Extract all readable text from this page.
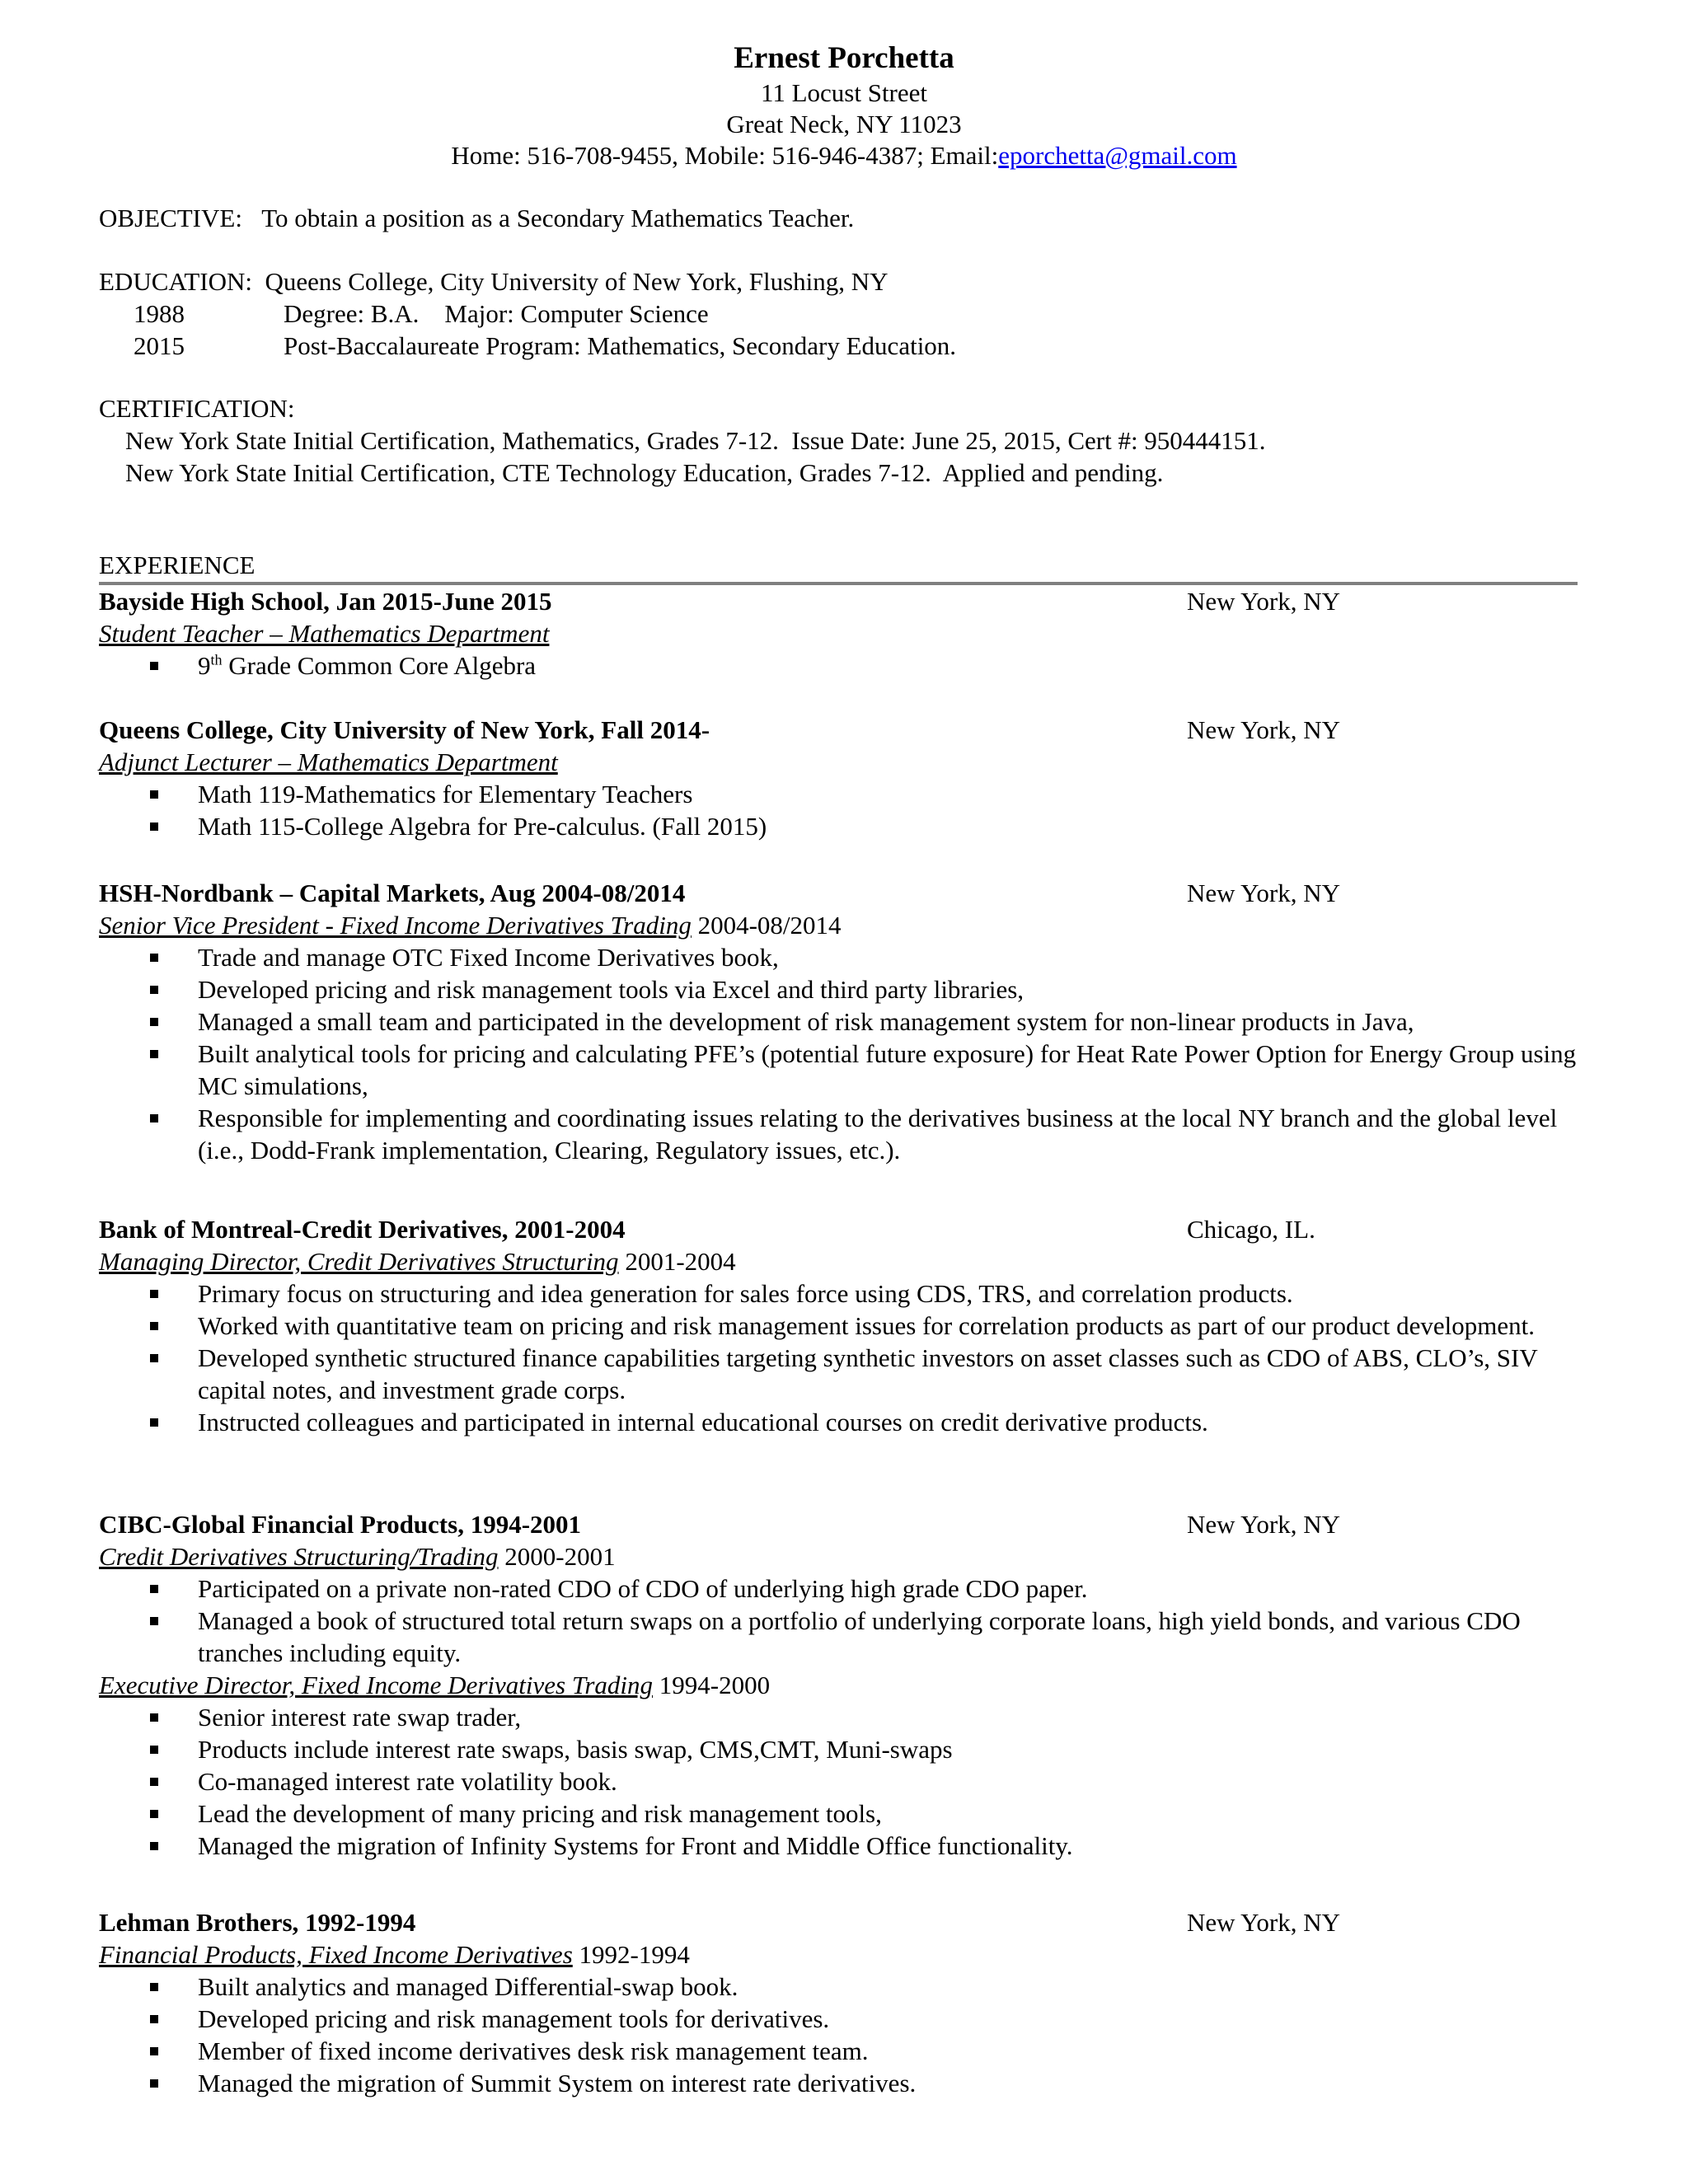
Ernest Porchetta
11 Locust Street
Great Neck, NY 11023
Home: 516-708-9455, Mobile: 516-946-4387; Email:eporchetta@gmail.com
OBJECTIVE: To obtain a position as a Secondary Mathematics Teacher.
EDUCATION: Queens College, City University of New York, Flushing, NY
1988	Degree: B.A.    Major: Computer Science
2015	Post-Baccalaureate Program: Mathematics, Secondary Education.
CERTIFICATION:
New York State Initial Certification, Mathematics, Grades 7-12.  Issue Date: June 25, 2015, Cert #: 950444151.
New York State Initial Certification, CTE Technology Education, Grades 7-12.  Applied and pending.
EXPERIENCE
Bayside High School, Jan 2015-June 2015	New York, NY
Student Teacher – Mathematics Department
9th Grade Common Core Algebra
Queens College, City University of New York, Fall 2014-	New York, NY
Adjunct Lecturer – Mathematics Department
Math 119-Mathematics for Elementary Teachers
Math 115-College Algebra for Pre-calculus. (Fall 2015)
HSH-Nordbank – Capital Markets, Aug 2004-08/2014	New York, NY
Senior Vice President - Fixed Income Derivatives Trading 2004-08/2014
Trade and manage OTC Fixed Income Derivatives book,
Developed pricing and risk management tools via Excel and third party libraries,
Managed a small team and participated in the development of risk management system for non-linear products in Java,
Built analytical tools for pricing and calculating PFE’s (potential future exposure) for Heat Rate Power Option for Energy Group using MC simulations,
Responsible for implementing and coordinating issues relating to the derivatives business at the local NY branch and the global level (i.e., Dodd-Frank implementation, Clearing, Regulatory issues, etc.).
Bank of Montreal-Credit Derivatives, 2001-2004	Chicago, IL.
Managing Director, Credit Derivatives Structuring 2001-2004
Primary focus on structuring and idea generation for sales force using CDS, TRS, and correlation products.
Worked with quantitative team on pricing and risk management issues for correlation products as part of our product development.
Developed synthetic structured finance capabilities targeting synthetic investors on asset classes such as CDO of ABS, CLO’s, SIV capital notes, and investment grade corps.
Instructed colleagues and participated in internal educational courses on credit derivative products.
CIBC-Global Financial Products, 1994-2001	New York, NY
Credit Derivatives Structuring/Trading 2000-2001
Participated on a private non-rated CDO of CDO of underlying high grade CDO paper.
Managed a book of structured total return swaps on a portfolio of underlying corporate loans, high yield bonds, and various CDO tranches including equity.
Executive Director, Fixed Income Derivatives Trading 1994-2000
Senior interest rate swap trader,
Products include interest rate swaps, basis swap, CMS,CMT, Muni-swaps
Co-managed interest rate volatility book.
Lead the development of many pricing and risk management tools,
Managed the migration of Infinity Systems for Front and Middle Office functionality.
Lehman Brothers, 1992-1994	New York, NY
Financial Products, Fixed Income Derivatives 1992-1994
Built analytics and managed Differential-swap book.
Developed pricing and risk management tools for derivatives.
Member of fixed income derivatives desk risk management team.
Managed the migration of Summit System on interest rate derivatives.
